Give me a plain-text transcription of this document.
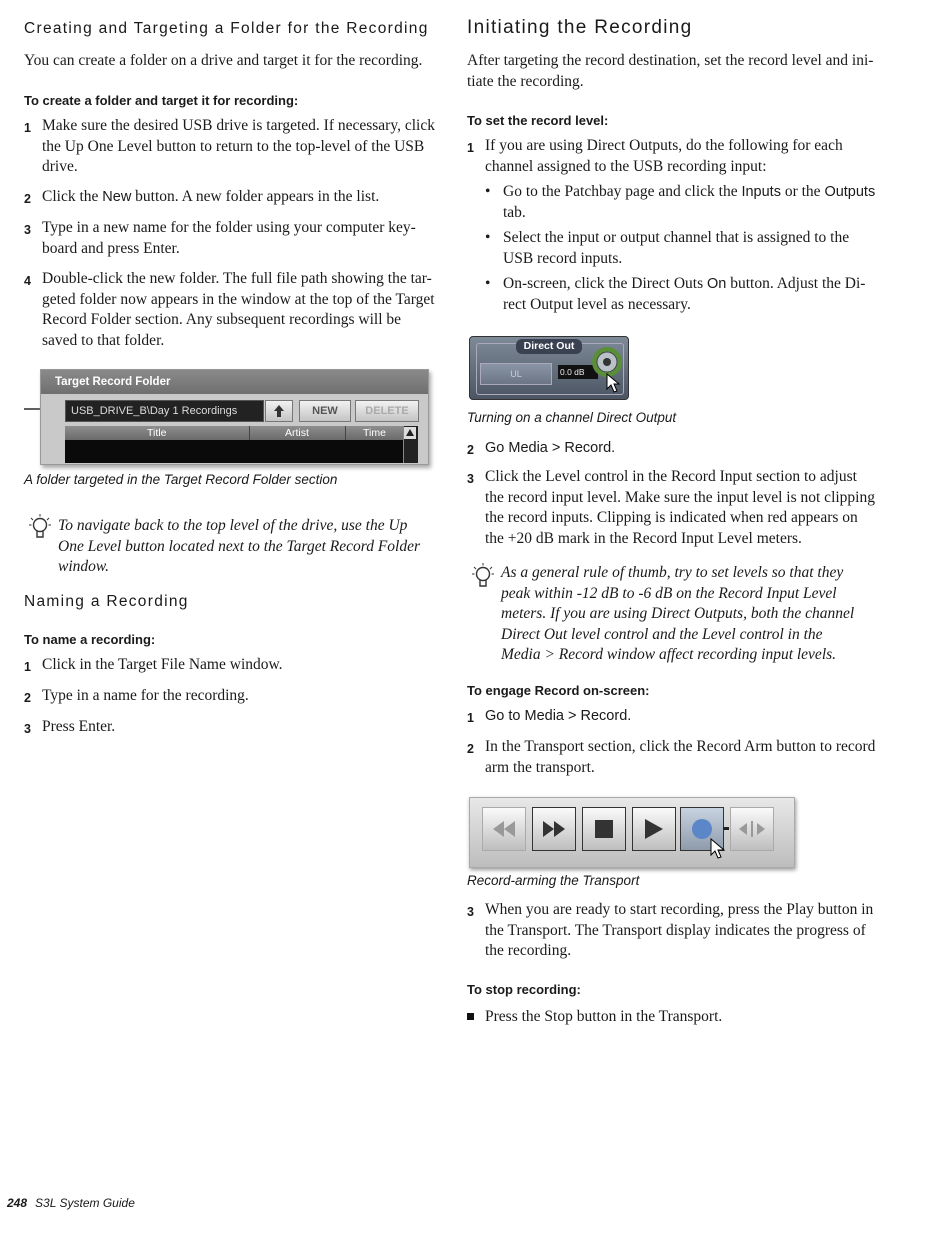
Creating and Targeting a Folder for the Recording

You can create a folder on a drive and target it for the recording.

To create a folder and target it for recording:

1 Make sure the desired USB drive is targeted. If necessary, click the Up One Level button to return to the top-level of the USB drive.
2 Click the New button. A new folder appears in the list.
3 Type in a new name for the folder using your computer key-board and press Enter.
4 Double-click the new folder. The full file path showing the tar-geted folder now appears in the window at the top of the Target Record Folder section. Any subsequent recordings will be saved to that folder.
Naming a Recording

To name a recording:

1 Click in the Target File Name window.
2 Type in a name for the recording.
3 Press Enter.
Target Record Folder
USB_DRIVE_B\Day 1 Recordings	NEW	DELETE
Title	Artist	Time

A folder targeted in the Target Record Folder section

To navigate back to the top level of the drive, use the Up One Level button located next to the Target Record Folder window.

Initiating the Recording

After targeting the record destination, set the record level and ini-tiate the recording.

To set the record level:

1 If you are using Direct Outputs, do the following for each channel assigned to the USB recording input:
• Go to the Patchbay page and click the Inputs or the Outputs tab.
• Select the input or output channel that is assigned to the USB record inputs.
• On-screen, click the Direct Outs On button. Adjust the Di-rect Output level as necessary.

Turning on a channel Direct Output

2 Go Media > Record.
3 Click the Level control in the Record Input section to adjust the record input level. Make sure the input level is not clipping the record inputs. Clipping is indicated when red appears on the +20 dB mark in the Record Input Level meters.

As a general rule of thumb, try to set levels so that they peak within -12 dB to -6 dB on the Record Input Level meters. If you are using Direct Outputs, both the channel Direct Out level control and the Level control in the Media > Record window affect recording input levels.

To engage Record on-screen:

1 Go to Media > Record.
2 In the Transport section, click the Record Arm button to record arm the transport.

Record-arming the Transport

3 When you are ready to start recording, press the Play button in the Transport. The Transport display indicates the progress of the recording.

To stop recording:

Press the Stop button in the Transport.
Direct Out
UL	0.0 dB
248 S3L System Guide
